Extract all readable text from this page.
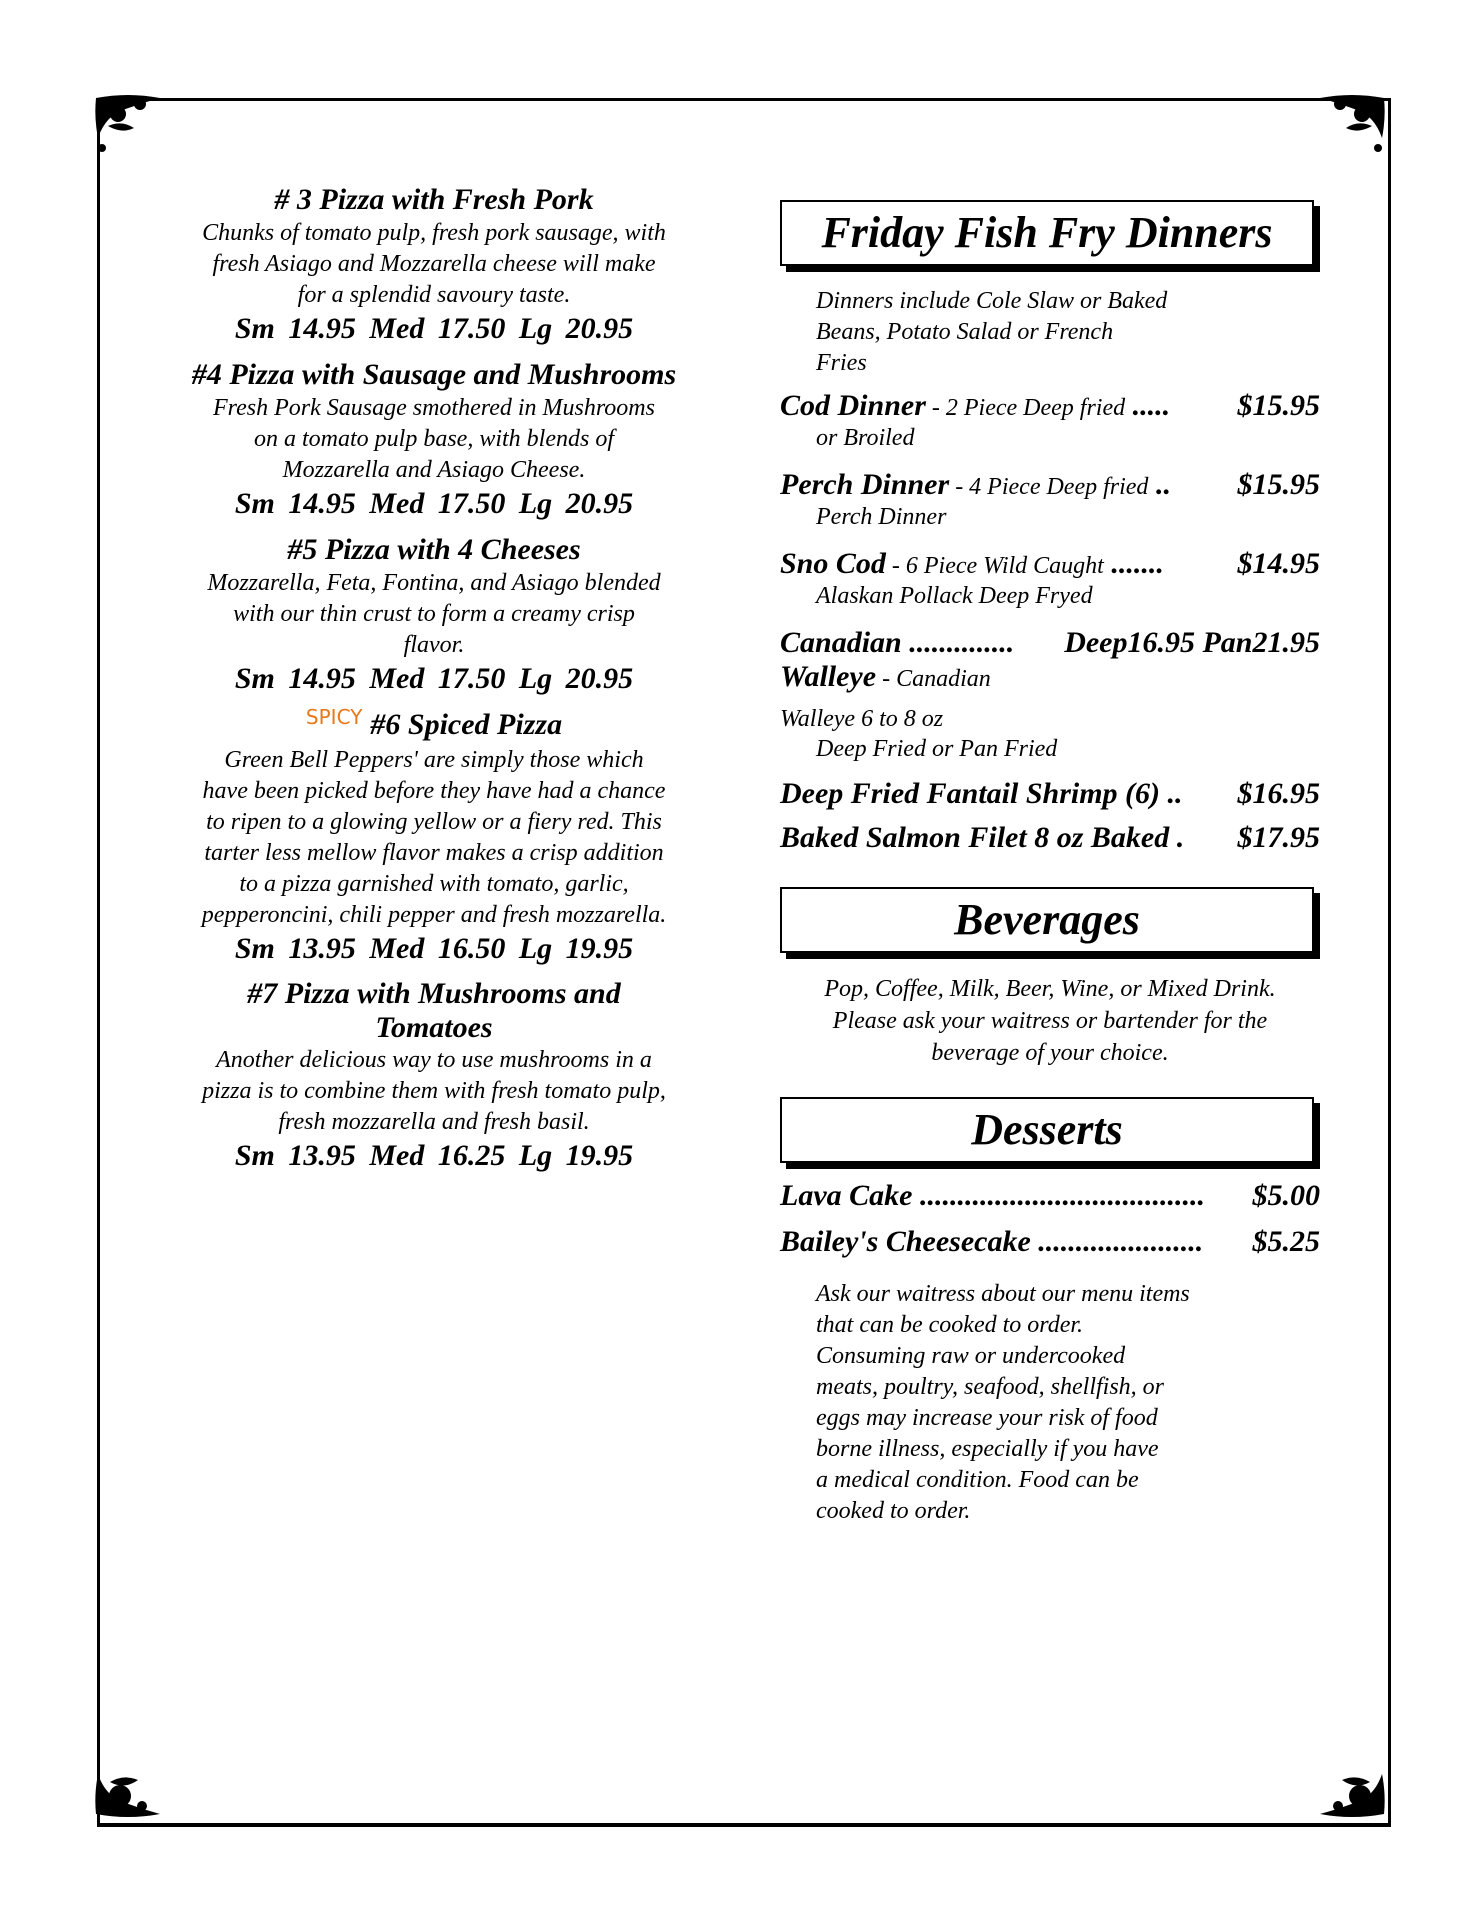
# 3 Pizza with Fresh Pork

Chunks of tomato pulp, fresh pork sausage, with

fresh Asiago and Mozzarella cheese will make

for a splendid savoury taste.

Sm 14.95 Med 17.50 Lg 20.95
#4 Pizza with Sausage and Mushrooms

Fresh Pork Sausage smothered in Mushrooms

on a tomato pulp base, with blends of

Mozzarella and Asiago Cheese.

Sm 14.95 Med 17.50 Lg 20.95
#5 Pizza with 4 Cheeses

Mozzarella, Feta, Fontina, and Asiago blended

with our thin crust to form a creamy crisp

flavor.

Sm 14.95 Med 17.50 Lg 20.95
$^{SPICY}$ #6 Spiced Pizza

Green Bell Peppers' are simply those which

have been picked before they have had a chance

to ripen to a glowing yellow or a fiery red. This

tarter less mellow flavor makes a crisp addition

to a pizza garnished with tomato, garlic,

pepperoncini, chili pepper and fresh mozzarella.

Sm 13.95 Med 16.50 Lg 19.95
#7 Pizza with Mushrooms and
Tomatoes

Another delicious way to use mushrooms in a

pizza is to combine them with fresh tomato pulp,

fresh mozzarella and fresh basil.

Sm 13.95 Med 16.25 Lg 19.95
Friday Fish Fry Dinners
Dinners include Cole Slaw or Baked
Beans, Potato Salad or French
Fries
Cod Dinner - 2 Piece Deep fried ..... $15.95
or Broiled
Perch Dinner - 4 Piece Deep fried .. $15.95
Perch Dinner
Sno Cod - 6 Piece Wild Caught ....... $14.95
Alaskan Pollack Deep Fryed
Canadian .............. Deep16.95 Pan21.95
Walleye - Canadian Walleye 6 to 8 oz
Deep Fried or Pan Fried
Deep Fried Fantail Shrimp (6) .. $16.95
Baked Salmon Filet 8 oz Baked . $17.95
Beverages
Pop, Coffee, Milk, Beer, Wine, or Mixed Drink.
Please ask your waitress or bartender for the
beverage of your choice.
Desserts
Lava Cake ...................................... $5.00
Bailey's Cheesecake ...................... $5.25
Ask our waitress about our menu items
that can be cooked to order.
Consuming raw or undercooked
meats, poultry, seafood, shellfish, or
eggs may increase your risk of food
borne illness, especially if you have
a medical condition. Food can be
cooked to order.
